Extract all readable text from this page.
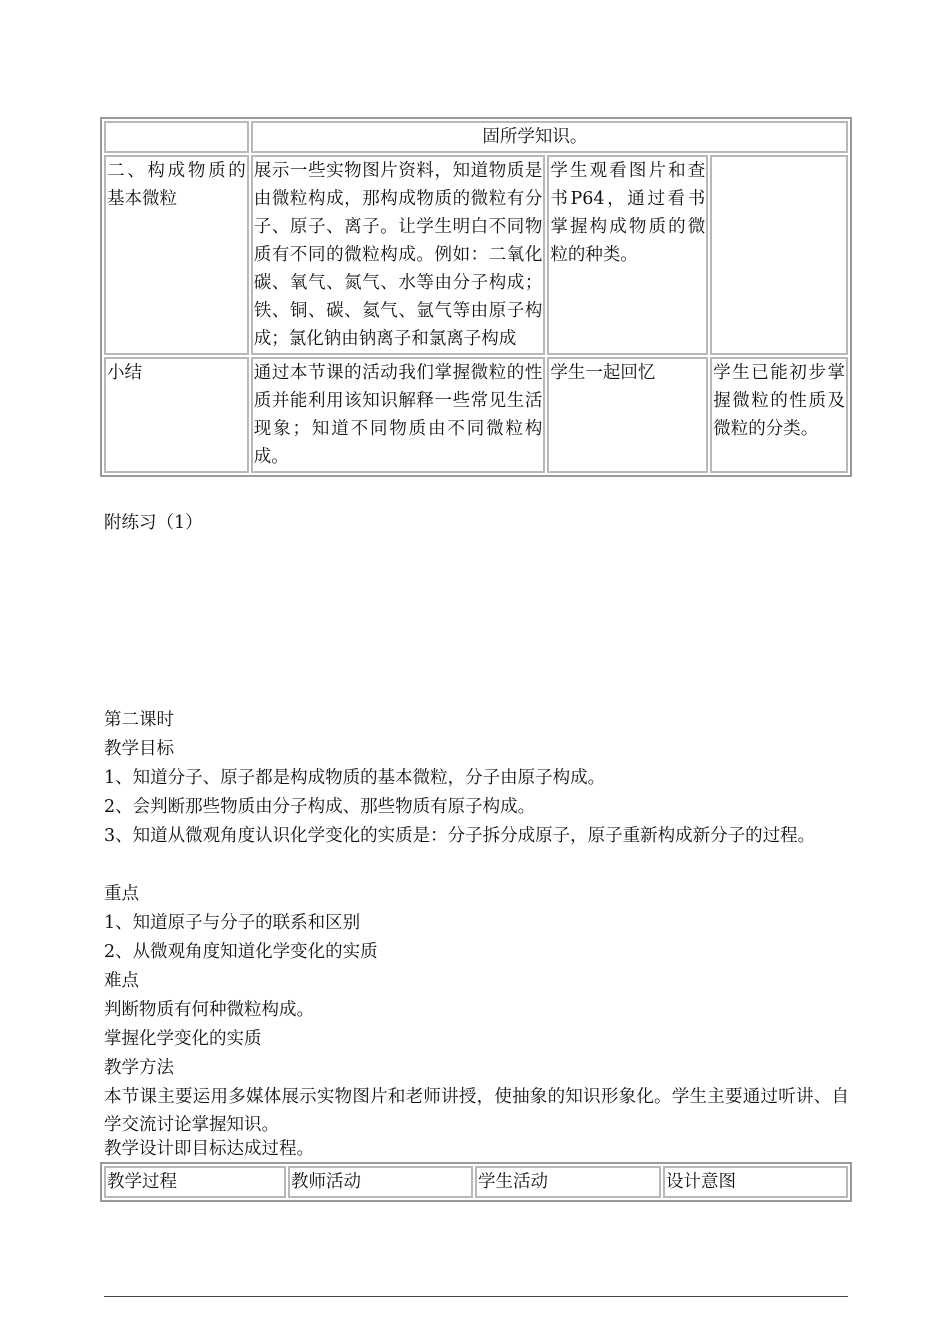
	固所学知识。		
二、构成物质的基本微粒	展示一些实物图片资料，知道物质是由微粒构成，那构成物质的微粒有分子、原子、离子。让学生明白不同物质有不同的微粒构成。例如：二氧化碳、氧气、氮气、水等由分子构成；铁、铜、碳、氦气、氩气等由原子构成；氯化钠由钠离子和氯离子构成	学生观看图片和查书P64，通过看书掌握构成物质的微粒的种类。	
小结	通过本节课的活动我们掌握微粒的性质并能利用该知识解释一些常见生活现象；知道不同物质由不同微粒构成。	学生一起回忆	学生已能初步掌握微粒的性质及微粒的分类。
附练习（1）
第二课时
教学目标
1、知道分子、原子都是构成物质的基本微粒，分子由原子构成。
2、会判断那些物质由分子构成、那些物质有原子构成。
3、知道从微观角度认识化学变化的实质是：分子拆分成原子，原子重新构成新分子的过程。
重点
1、知道原子与分子的联系和区别
2、从微观角度知道化学变化的实质
难点
判断物质有何种微粒构成。
掌握化学变化的实质
教学方法
本节课主要运用多媒体展示实物图片和老师讲授，使抽象的知识形象化。学生主要通过听讲、自学交流讨论掌握知识。
教学设计即目标达成过程。
教学过程	教师活动	学生活动	设计意图
